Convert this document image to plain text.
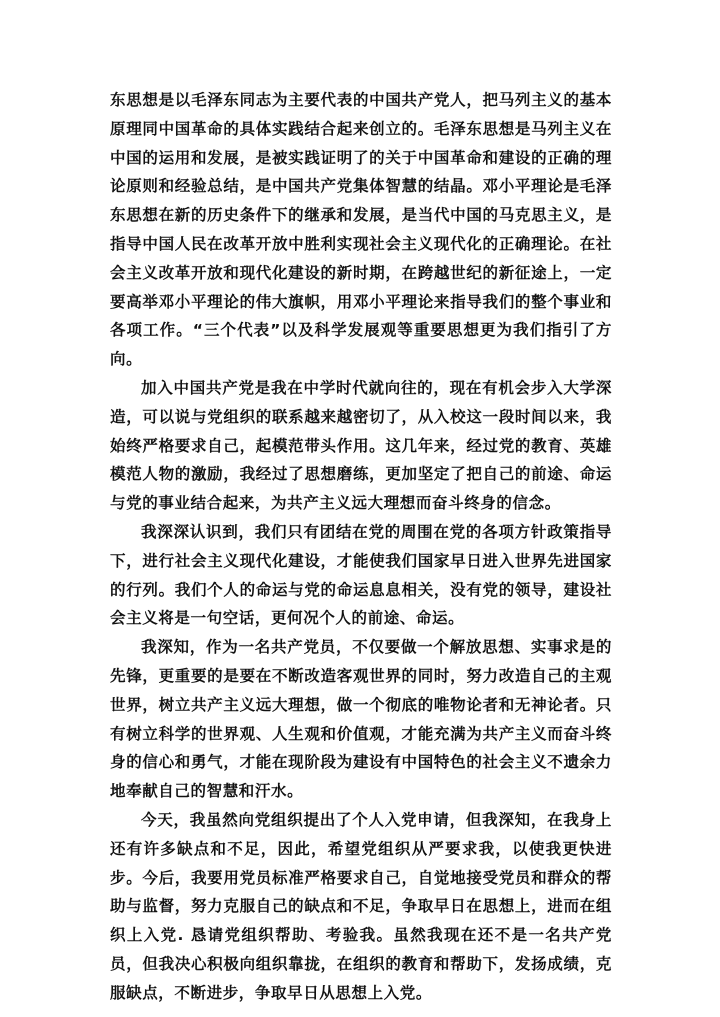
东思想是以毛泽东同志为主要代表的中国共产党人，把马列主义的基本原理同中国革命的具体实践结合起来创立的。毛泽东思想是马列主义在中国的运用和发展，是被实践证明了的关于中国革命和建设的正确的理论原则和经验总结，是中国共产党集体智慧的结晶。邓小平理论是毛泽东思想在新的历史条件下的继承和发展，是当代中国的马克思主义，是指导中国人民在改革开放中胜利实现社会主义现代化的正确理论。在社会主义改革开放和现代化建设的新时期，在跨越世纪的新征途上，一定要高举邓小平理论的伟大旗帜，用邓小平理论来指导我们的整个事业和各项工作。“三个代表”以及科学发展观等重要思想更为我们指引了方向。

加入中国共产党是我在中学时代就向往的，现在有机会步入大学深造，可以说与党组织的联系越来越密切了，从入校这一段时间以来，我始终严格要求自己，起模范带头作用。这几年来，经过党的教育、英雄模范人物的激励，我经过了思想磨练，更加坚定了把自己的前途、命运与党的事业结合起来，为共产主义远大理想而奋斗终身的信念。

我深深认识到，我们只有团结在党的周围在党的各项方针政策指导下，进行社会主义现代化建设，才能使我们国家早日进入世界先进国家的行列。我们个人的命运与党的命运息息相关，没有党的领导，建设社会主义将是一句空话，更何况个人的前途、命运。

我深知，作为一名共产党员，不仅要做一个解放思想、实事求是的先锋，更重要的是要在不断改造客观世界的同时，努力改造自己的主观世界，树立共产主义远大理想，做一个彻底的唯物论者和无神论者。只有树立科学的世界观、人生观和价值观，才能充满为共产主义而奋斗终身的信心和勇气，才能在现阶段为建设有中国特色的社会主义不遗余力地奉献自己的智慧和汗水。

今天，我虽然向党组织提出了个人入党申请，但我深知，在我身上还有许多缺点和不足，因此，希望党组织从严要求我，以使我更快进步。今后，我要用党员标准严格要求自己，自觉地接受党员和群众的帮助与监督，努力克服自己的缺点和不足，争取早日在思想上，进而在组织上入党. 恳请党组织帮助、考验我。虽然我现在还不是一名共产党员，但我决心积极向组织靠拢，在组织的教育和帮助下，发扬成绩，克服缺点，不断进步，争取早日从思想上入党。
